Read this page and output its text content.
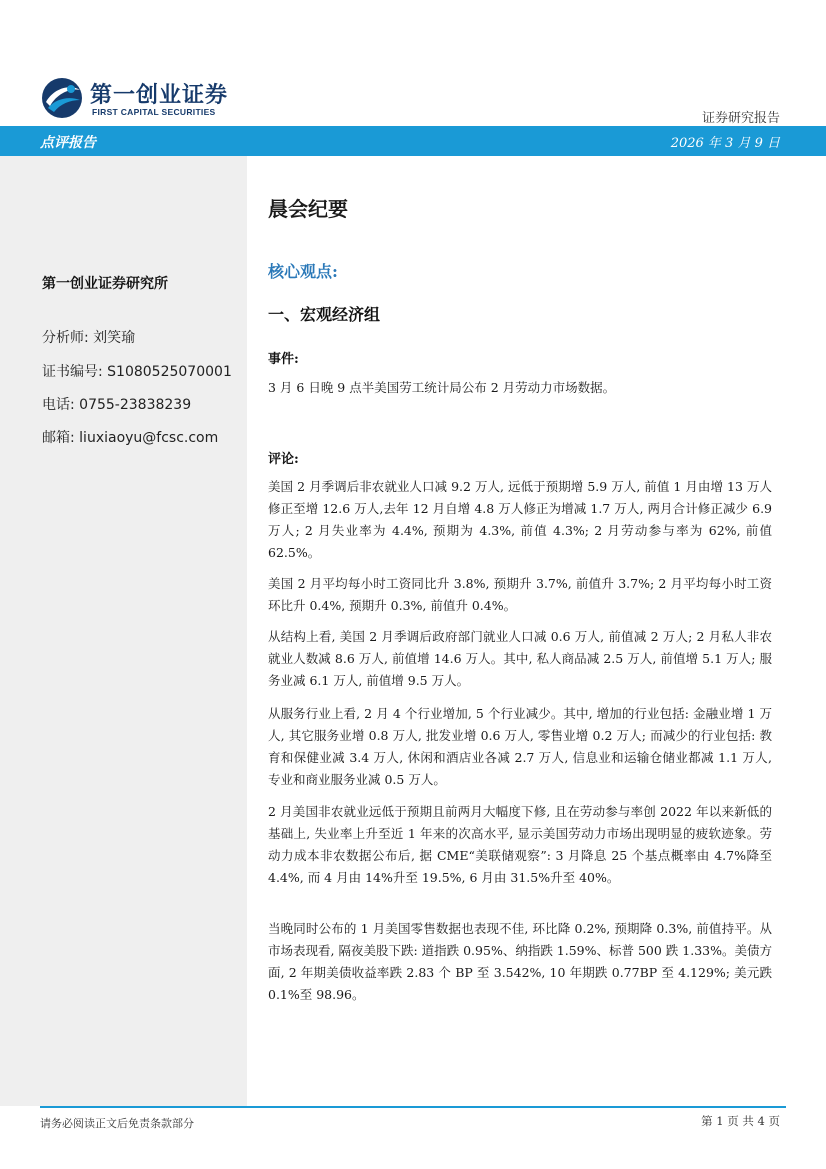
第一创业证券
FIRST CAPITAL SECURITIES	证券研究报告
点评报告	2026 年 3 月 9 日
第一创业证券研究所
分析师: 刘笑瑜
证书编号: S1080525070001
电话: 0755-23838239
邮箱: liuxiaoyu@fcsc.com
晨会纪要
核心观点:
一、宏观经济组
事件:
3 月 6 日晚 9 点半美国劳工统计局公布 2 月劳动力市场数据。
评论:
美国 2 月季调后非农就业人口减 9.2 万人, 远低于预期增 5.9 万人, 前值 1 月由增 13 万人修正至增 12.6 万人,去年 12 月自增 4.8 万人修正为增减 1.7 万人, 两月合计修正减少 6.9 万人; 2 月失业率为 4.4%, 预期为 4.3%, 前值 4.3%; 2 月劳动参与率为 62%, 前值 62.5%。
美国 2 月平均每小时工资同比升 3.8%, 预期升 3.7%, 前值升 3.7%; 2 月平均每小时工资环比升 0.4%, 预期升 0.3%, 前值升 0.4%。
从结构上看, 美国 2 月季调后政府部门就业人口减 0.6 万人, 前值减 2 万人; 2 月私人非农就业人数减 8.6 万人, 前值增 14.6 万人。其中, 私人商品减 2.5 万人, 前值增 5.1 万人; 服务业减 6.1 万人, 前值增 9.5 万人。
从服务行业上看, 2 月 4 个行业增加, 5 个行业减少。其中, 增加的行业包括: 金融业增 1 万人, 其它服务业增 0.8 万人, 批发业增 0.6 万人, 零售业增 0.2 万人; 而减少的行业包括: 教育和保健业减 3.4 万人, 休闲和酒店业各减 2.7 万人, 信息业和运输仓储业都减 1.1 万人, 专业和商业服务业减 0.5 万人。
2 月美国非农就业远低于预期且前两月大幅度下修, 且在劳动参与率创 2022 年以来新低的基础上, 失业率上升至近 1 年来的次高水平, 显示美国劳动力市场出现明显的疲软迹象。劳动力成本非农数据公布后, 据 CME“美联储观察”: 3 月降息 25 个基点概率由 4.7%降至 4.4%, 而 4 月由 14%升至 19.5%, 6 月由 31.5%升至 40%。
当晚同时公布的 1 月美国零售数据也表现不佳, 环比降 0.2%, 预期降 0.3%, 前值持平。从市场表现看, 隔夜美股下跌: 道指跌 0.95%、纳指跌 1.59%、标普 500 跌 1.33%。美债方面, 2 年期美债收益率跌 2.83 个 BP 至 3.542%, 10 年期跌 0.77BP 至 4.129%; 美元跌 0.1%至 98.96。
请务必阅读正文后免责条款部分	第 1 页 共 4 页
